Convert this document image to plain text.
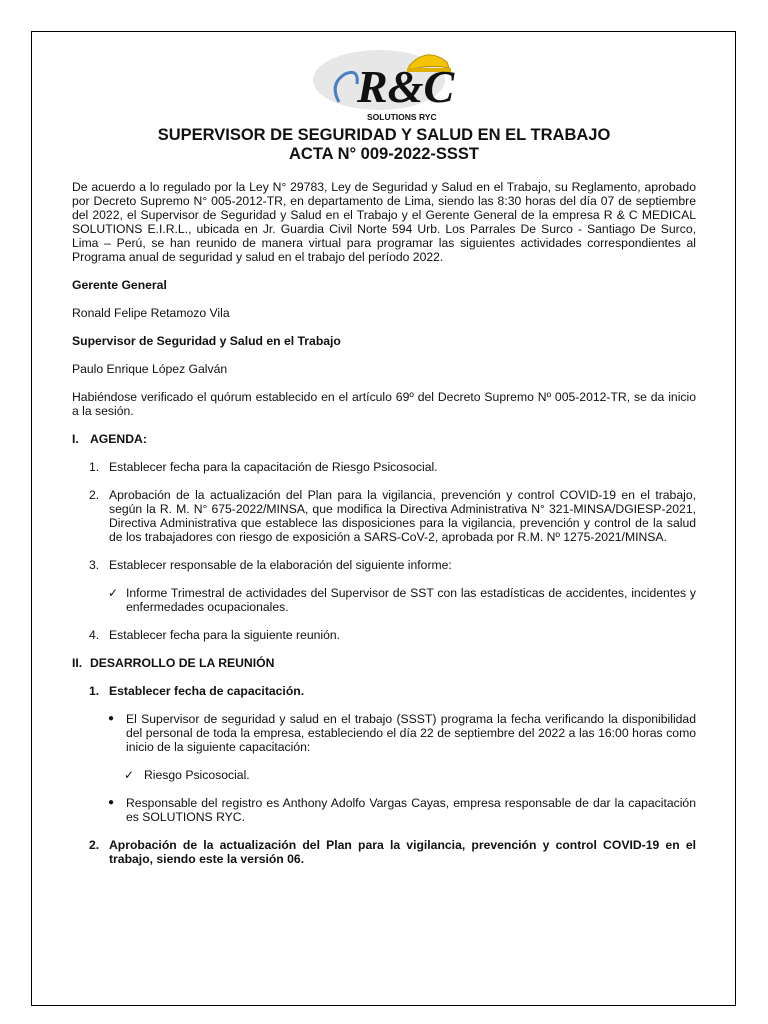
R&C
SOLUTIONS RYC
SUPERVISOR DE SEGURIDAD Y SALUD EN EL TRABAJO
ACTA N° 009-2022-SSST

De acuerdo a lo regulado por la Ley N° 29783, Ley de Seguridad y Salud en el Trabajo, su Reglamento, aprobado por Decreto Supremo N° 005-2012-TR, en departamento de Lima, siendo las 8:30 horas del día 07 de septiembre del 2022, el Supervisor de Seguridad y Salud en el Trabajo y el Gerente General de la empresa R & C MEDICAL SOLUTIONS E.I.R.L., ubicada en Jr. Guardia Civil Norte 594 Urb. Los Parrales De Surco - Santiago De Surco, Lima – Perú, se han reunido de manera virtual para programar las siguientes actividades correspondientes al Programa anual de seguridad y salud en el trabajo del período 2022.

Gerente General

Ronald Felipe Retamozo Vila

Supervisor de Seguridad y Salud en el Trabajo

Paulo Enrique López Galván

Habiéndose verificado el quórum establecido en el artículo 69º del Decreto Supremo Nº 005-2012-TR, se da inicio a la sesión.

I. AGENDA:
1. Establecer fecha para la capacitación de Riesgo Psicosocial.
2. Aprobación de la actualización del Plan para la vigilancia, prevención y control COVID-19 en el trabajo, según la R. M. N° 675-2022/MINSA, que modifica la Directiva Administrativa N° 321-MINSA/DGIESP-2021, Directiva Administrativa que establece las disposiciones para la vigilancia, prevención y control de la salud de los trabajadores con riesgo de exposición a SARS-CoV-2, aprobada por R.M. Nº 1275-2021/MINSA.
3. Establecer responsable de la elaboración del siguiente informe:
✓ Informe Trimestral de actividades del Supervisor de SST con las estadísticas de accidentes, incidentes y enfermedades ocupacionales.
4. Establecer fecha para la siguiente reunión.
II. DESARROLLO DE LA REUNIÓN
1. Establecer fecha de capacitación.
● El Supervisor de seguridad y salud en el trabajo (SSST) programa la fecha verificando la disponibilidad del personal de toda la empresa, estableciendo el día 22 de septiembre del 2022 a las 16:00 horas como inicio de la siguiente capacitación:
✓ Riesgo Psicosocial.
● Responsable del registro es Anthony Adolfo Vargas Cayas, empresa responsable de dar la capacitación es SOLUTIONS RYC.
2. Aprobación de la actualización del Plan para la vigilancia, prevención y control COVID-19 en el trabajo, siendo este la versión 06.
